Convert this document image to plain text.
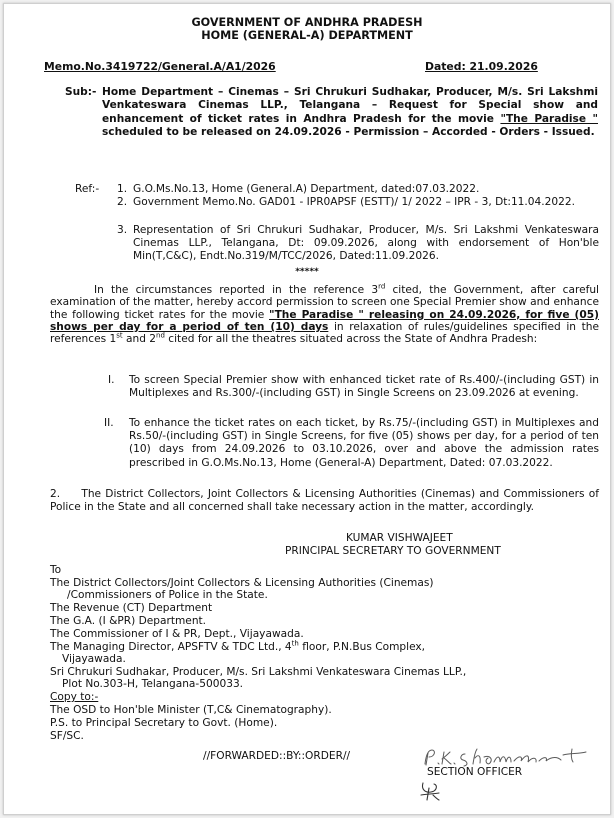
GOVERNMENT OF ANDHRA PRADESH
HOME (GENERAL-A) DEPARTMENT
Memo.No.3419722/General.A/A1/2026	Dated: 21.09.2026
Sub:- Home Department – Cinemas – Sri Chrukuri Sudhakar, Producer, M/s. Sri Lakshmi Venkateswara Cinemas LLP., Telangana – Request for Special show and enhancement of ticket rates in Andhra Pradesh for the movie "The Paradise " scheduled to be released on 24.09.2026 - Permission – Accorded - Orders - Issued.
Ref:- 1. G.O.Ms.No.13, Home (General.A) Department, dated:07.03.2022.
2. Government Memo.No. GAD01 - IPR0APSF (ESTT)/ 1/ 2022 – IPR - 3, Dt:11.04.2022.
3. Representation of Sri Chrukuri Sudhakar, Producer, M/s. Sri Lakshmi Venkateswara Cinemas LLP., Telangana, Dt: 09.09.2026, along with endorsement of Hon'ble Min(T,C&C), Endt.No.319/M/TCC/2026, Dated:11.09.2026.
*****
In the circumstances reported in the reference 3rd cited, the Government, after careful examination of the matter, hereby accord permission to screen one Special Premier show and enhance the following ticket rates for the movie "The Paradise " releasing on 24.09.2026, for five (05) shows per day for a period of ten (10) days in relaxation of rules/guidelines specified in the references 1st and 2nd cited for all the theatres situated across the State of Andhra Pradesh:
I. To screen Special Premier show with enhanced ticket rate of Rs.400/-(including GST) in Multiplexes and Rs.300/-(including GST) in Single Screens on 23.09.2026 at evening.
II. To enhance the ticket rates on each ticket, by Rs.75/-(including GST) in Multiplexes and Rs.50/-(including GST) in Single Screens, for five (05) shows per day, for a period of ten (10) days from 24.09.2026 to 03.10.2026, over and above the admission rates prescribed in G.O.Ms.No.13, Home (General-A) Department, Dated: 07.03.2022.
2.     The District Collectors, Joint Collectors & Licensing Authorities (Cinemas) and Commissioners of Police in the State and all concerned shall take necessary action in the matter, accordingly.
KUMAR VISHWAJEET
PRINCIPAL SECRETARY TO GOVERNMENT
To
The District Collectors/Joint Collectors & Licensing Authorities (Cinemas)
/Commissioners of Police in the State.
The Revenue (CT) Department
The G.A. (I &PR) Department.
The Commissioner of I & PR, Dept., Vijayawada.
The Managing Director, APSFTV & TDC Ltd., 4th floor, P.N.Bus Complex,
Vijayawada.
Sri Chrukuri Sudhakar, Producer, M/s. Sri Lakshmi Venkateswara Cinemas LLP.,
Plot No.303-H, Telangana-500033.
Copy to:-
The OSD to Hon'ble Minister (T,C& Cinematography).
P.S. to Principal Secretary to Govt. (Home).
SF/SC.
//FORWARDED::BY::ORDER//
SECTION OFFICER
